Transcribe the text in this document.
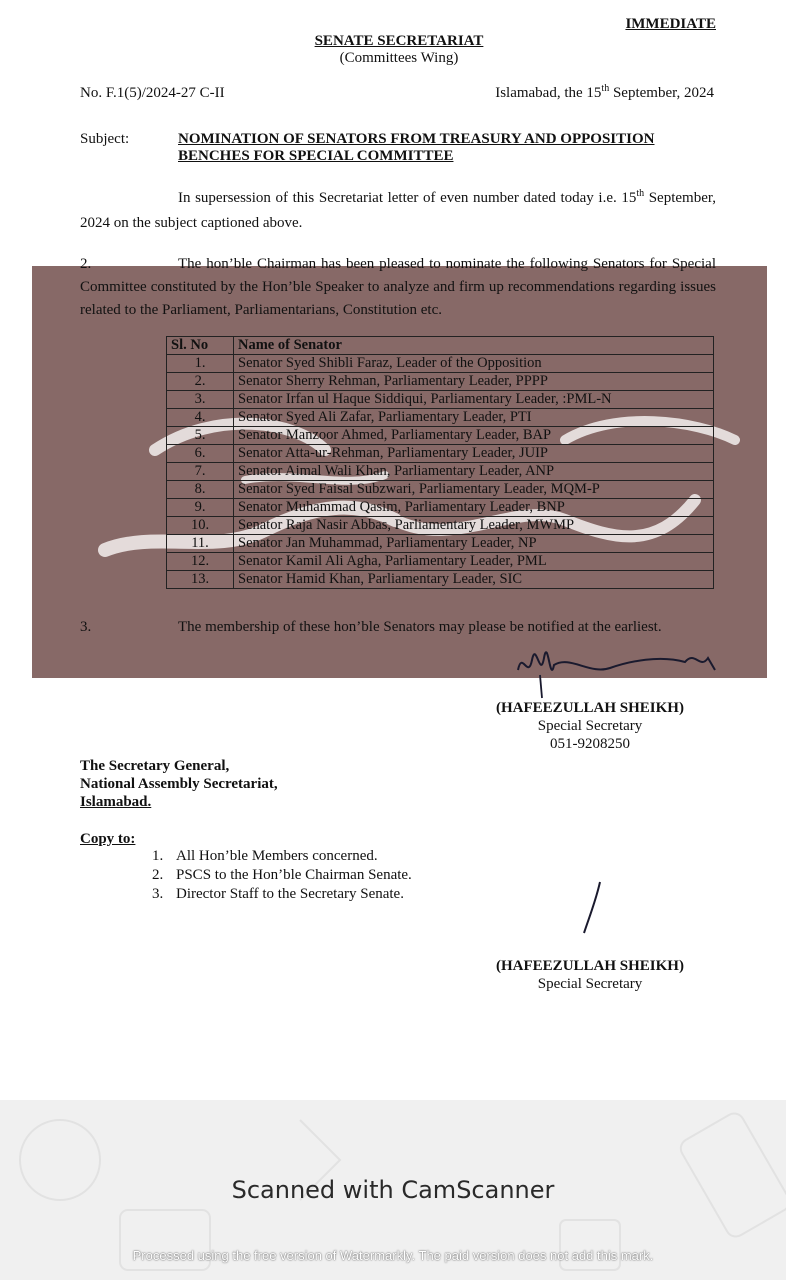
IMMEDIATE
SENATE SECRETARIAT
(Committees Wing)
No. F.1(5)/2024-27 C-II	Islamabad, the 15th September, 2024
Subject:	NOMINATION OF SENATORS FROM TREASURY AND OPPOSITION BENCHES FOR SPECIAL COMMITTEE
In supersession of this Secretariat letter of even number dated today i.e. 15th September, 2024 on the subject captioned above.
2.	The hon’ble Chairman has been pleased to nominate the following Senators for Special Committee constituted by the Hon’ble Speaker to analyze and firm up recommendations regarding issues related to the Parliament, Parliamentarians, Constitution etc.
Sl. No	Name of Senator
1.	Senator Syed Shibli Faraz, Leader of the Opposition
2.	Senator Sherry Rehman, Parliamentary Leader, PPPP
3.	Senator Irfan ul Haque Siddiqui, Parliamentary Leader, :PML-N
4.	Senator Syed Ali Zafar, Parliamentary Leader, PTI
5.	Senator Manzoor Ahmed, Parliamentary Leader, BAP
6.	Senator Atta-ur-Rehman, Parliamentary Leader, JUIP
7.	Senator Aimal Wali Khan, Parliamentary Leader, ANP
8.	Senator Syed Faisal Subzwari, Parliamentary Leader, MQM-P
9.	Senator Muhammad Qasim, Parliamentary Leader, BNP
10.	Senator Raja Nasir Abbas, Parliamentary Leader, MWMP
11.	Senator Jan Muhammad, Parliamentary Leader, NP
12.	Senator Kamil Ali Agha, Parliamentary Leader, PML
13.	Senator Hamid Khan, Parliamentary Leader, SIC
3.	The membership of these hon’ble Senators may please be notified at the earliest.
(HAFEEZULLAH SHEIKH)
Special Secretary
051-9208250
The Secretary General,
National Assembly Secretariat,
Islamabad.
Copy to:
1. All Hon’ble Members concerned.
2. PSCS to the Hon’ble Chairman Senate.
3. Director Staff to the Secretary Senate.
(HAFEEZULLAH SHEIKH)
Special Secretary
Scanned with CamScanner
Processed using the free version of Watermarkly. The paid version does not add this mark.
